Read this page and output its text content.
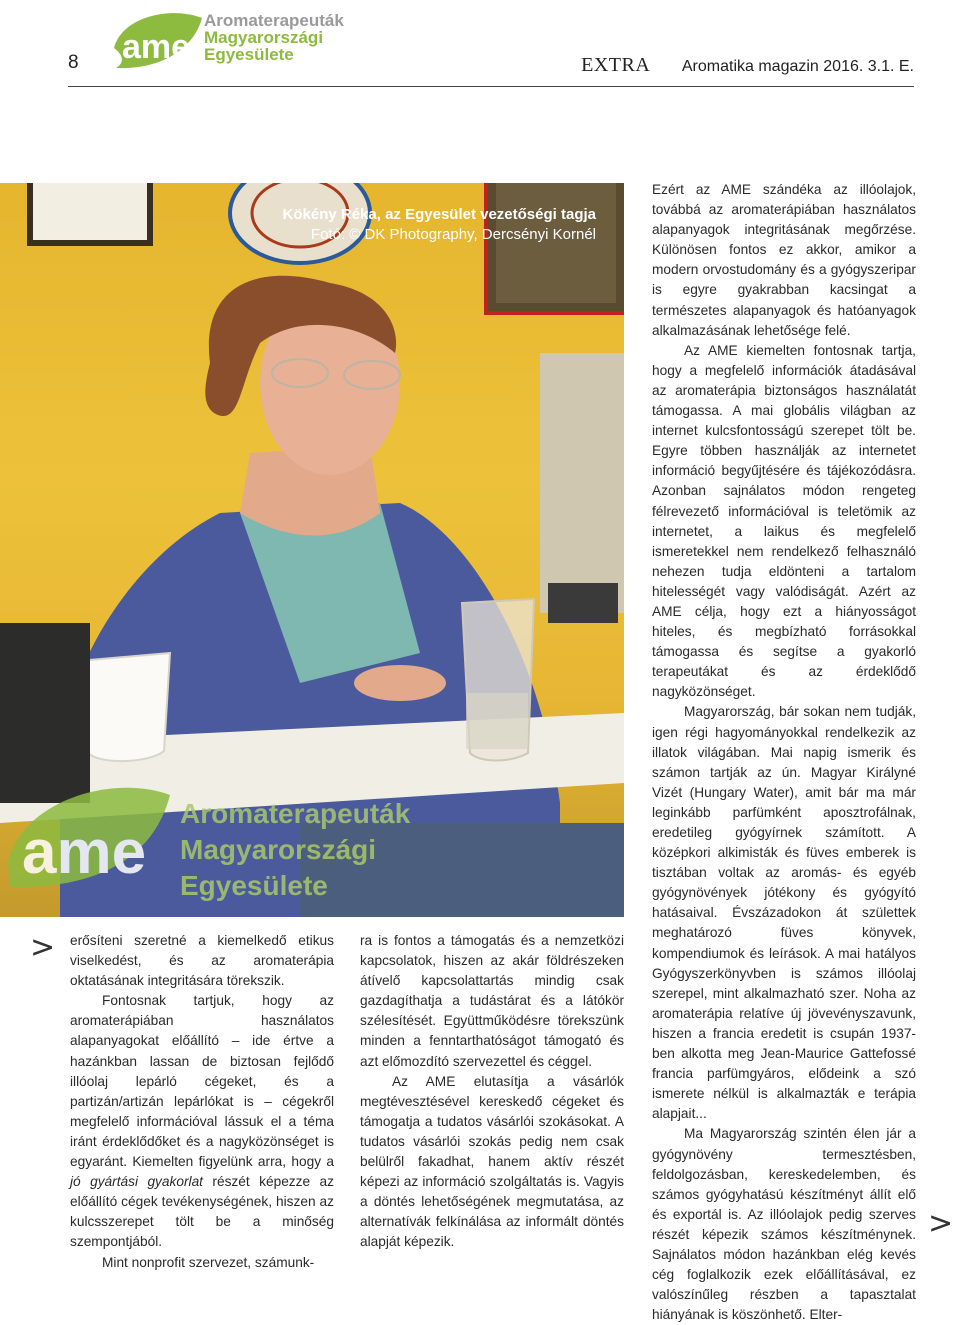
8 ame
Aromaterapeuták
Magyarországi
Egyesülete	EXTRA Aromatika magazin 2016. 3.1. E.
ame
Aromaterapeuták
Magyarországi
Egyesülete
Kökény Réka, az Egyesület vezetőségi tagja
Fotó: © DK Photography, Dercsényi Kornél
> erősíteni szeretné a kiemelkedő etikus viselkedést, és az aromaterápia oktatásának integritására törekszik.

Fontosnak tartjuk, hogy az aromaterápiában használatos alapanyagokat előállító – ide értve a hazánkban lassan de biztosan fejlődő illóolaj lepárló cégeket, és a partizán/artizán lepárlókat is – cégekről megfelelő információval lássuk el a téma iránt érdeklődőket és a nagyközönséget is egyaránt. Kiemelten figyelünk arra, hogy a jó gyártási gyakorlat részét képezze az előállító cégek tevékenységének, hiszen az kulcsszerepet tölt be a minőség szempontjából.

Mint nonprofit szervezet, számunk-

ra is fontos a támogatás és a nemzetközi kapcsolatok, hiszen az akár földrészeken átívelő kapcsolattartás mindig csak gazdagíthatja a tudástárat és a látókör szélesítését. Együttműködésre törekszünk minden a fenntarthatóságot támogató és azt előmozdító szervezettel és céggel.

Az AME elutasítja a vásárlók megtévesztésével kereskedő cégeket és támogatja a tudatos vásárlói szokásokat. A tudatos vásárlói szokás pedig nem csak belülről fakadhat, hanem aktív részét képezi az információ szolgáltatás is. Vagyis a döntés lehetőségének megmutatása, az alternatívák felkínálása az informált döntés alapját képezik.

Ezért az AME szándéka az illóolajok, továbbá az aromaterápiában használatos alapanyagok integritásának megőrzése. Különösen fontos ez akkor, amikor a modern orvostudomány és a gyógyszeripar is egyre gyakrabban kacsingat a természetes alapanyagok és hatóanyagok alkalmazásának lehetősége felé.

Az AME kiemelten fontosnak tartja, hogy a megfelelő információk átadásával az aromaterápia biztonságos használatát támogassa. A mai globális világban az internet kulcsfontosságú szerepet tölt be. Egyre többen használják az internetet információ begyűjtésére és tájékozódásra. Azonban sajnálatos módon rengeteg félrevezető információval is teletömik az internetet, a laikus és megfelelő ismeretekkel nem rendelkező felhasználó nehezen tudja eldönteni a tartalom hitelességét vagy valódiságát. Azért az AME célja, hogy ezt a hiányosságot hiteles, és megbízható forrásokkal támogassa és segítse a gyakorló terapeutákat és az érdeklődő nagyközönséget.

Magyarország, bár sokan nem tudják, igen régi hagyományokkal rendelkezik az illatok világában. Mai napig ismerik és számon tartják az ún. Magyar Királyné Vizét (Hungary Water), amit bár ma már leginkább parfümként aposztrofálnak, eredetileg gyógyírnek számított. A középkori alkimisták és füves emberek is tisztában voltak az aromás- és egyéb gyógynövények jótékony és gyógyító hatásaival. Évszázadokon át születtek meghatározó füves könyvek, kompendiumok és leírások. A mai hatályos Gyógyszerkönyvben is számos illóolaj szerepel, mint alkalmazható szer. Noha az aromaterápia relatíve új jövevényszavunk, hiszen a francia eredetit is csupán 1937-ben alkotta meg Jean-Maurice Gattefossé francia parfümgyáros, elődeink a szó ismerete nélkül is alkalmazták e terápia alapjait...

Ma Magyarország szintén élen jár a gyógynövény termesztésben, feldolgozásban, kereskedelemben, és számos gyógyhatású készítményt állít elő és exportál is. Az illóolajok pedig szerves részét képezik számos készítménynek. Sajnálatos módon hazánkban elég kevés cég foglalkozik ezek előállításával, ez valószínűleg részben a tapasztalat hiányának is köszönhető. Elter-

>
